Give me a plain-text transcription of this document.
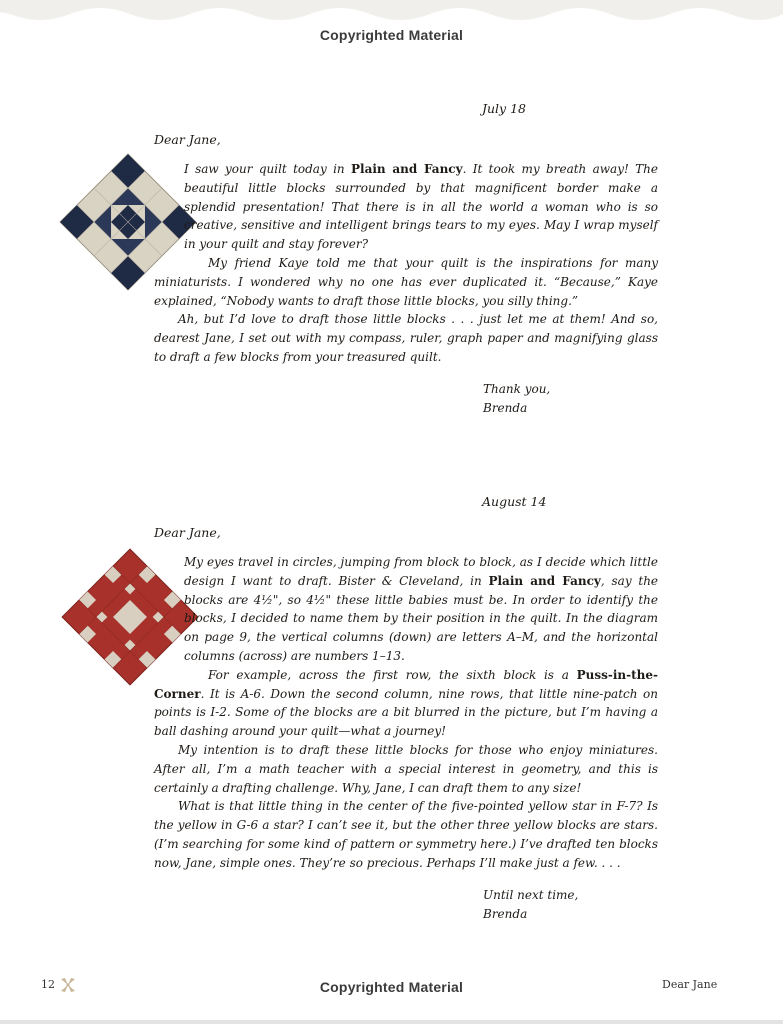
Copyrighted Material
July 18
Dear Jane,

I saw your quilt today in Plain and Fancy. It took my breath away! The beautiful little blocks surrounded by that magnificent border make a splendid presentation! That there is in all the world a woman who is so creative, sensitive and intelligent brings tears to my eyes. May I wrap myself in your quilt and stay forever?

My friend Kaye told me that your quilt is the inspirations for many miniaturists. I wondered why no one has ever duplicated it. “Because,” Kaye explained, “Nobody wants to draft those little blocks, you silly thing.”

Ah, but I’d love to draft those little blocks . . . just let me at them! And so, dearest Jane, I set out with my compass, ruler, graph paper and magnifying glass to draft a few blocks from your treasured quilt.

Thank you,
Brenda
August 14
Dear Jane,

My eyes travel in circles, jumping from block to block, as I decide which little design I want to draft. Bister & Cleveland, in Plain and Fancy, say the blocks are 4½", so 4½" these little babies must be. In order to identify the blocks, I decided to name them by their position in the quilt. In the diagram on page 9, the vertical columns (down) are letters A–M, and the horizontal columns (across) are numbers 1–13.

For example, across the first row, the sixth block is a Puss-in-the-Corner. It is A-6. Down the second column, nine rows, that little nine-patch on points is I-2. Some of the blocks are a bit blurred in the picture, but I’m having a ball dashing around your quilt—what a journey!

My intention is to draft these little blocks for those who enjoy miniatures. After all, I’m a math teacher with a special interest in geometry, and this is certainly a drafting challenge. Why, Jane, I can draft them to any size!

What is that little thing in the center of the five-pointed yellow star in F-7? Is the yellow in G-6 a star? I can’t see it, but the other three yellow blocks are stars. (I’m searching for some kind of pattern or symmetry here.) I’ve drafted ten blocks now, Jane, simple ones. They’re so precious. Perhaps I’ll make just a few. . . .

Until next time,
Brenda
12	Copyrighted Material	Dear Jane
